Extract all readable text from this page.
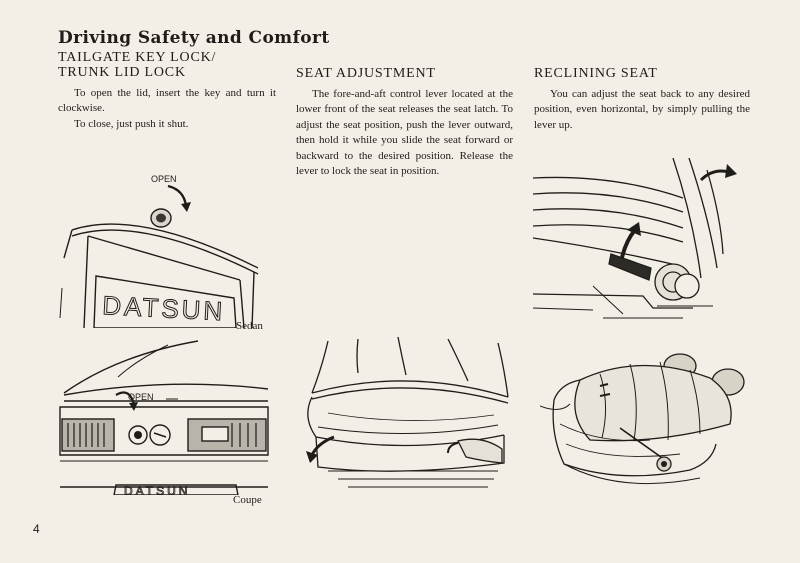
Driving Safety and Comfort
TAILGATE KEY LOCK/
TRUNK LID LOCK

To open the lid, insert the key and turn it clockwise.

To close, just push it shut.

OPEN
DATSUN Sedan
OPEN
DATSUN
Coupe
SEAT ADJUSTMENT

The fore-and-aft control lever located at the lower front of the seat releases the seat latch. To adjust the seat position, push the lever outward, then hold it while you slide the seat forward or backward to the desired position. Release the lever to lock the seat in position.

RECLINING SEAT

You can adjust the seat back to any desired position, even horizontal, by simply pulling the lever up.

4
